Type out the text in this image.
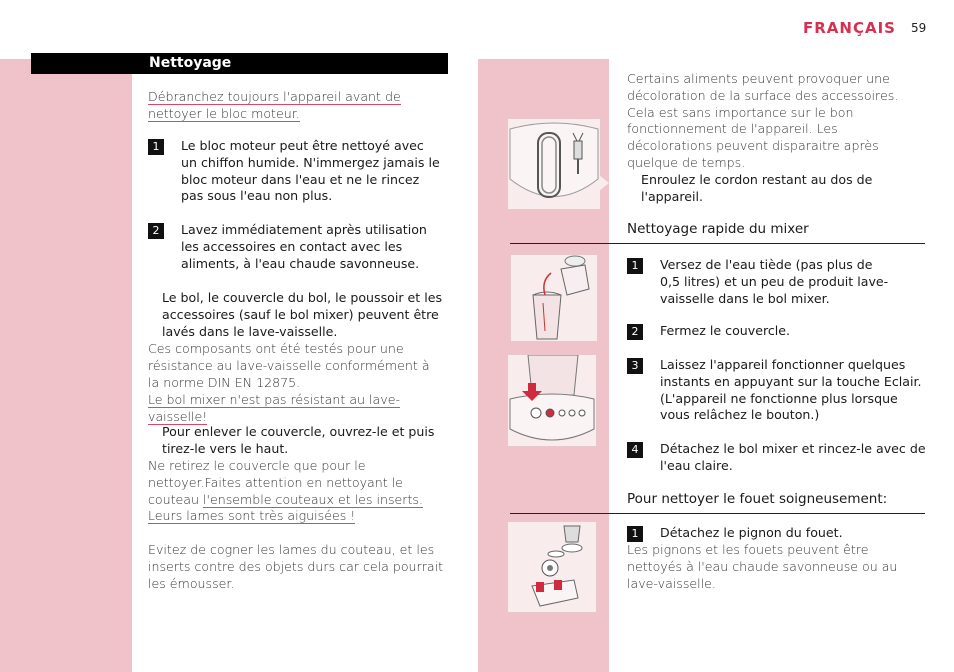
FRANÇAIS 59
Nettoyage
Débranchez toujours l'appareil avant de nettoyer le bloc moteur.
1	Le bloc moteur peut être nettoyé avec un chiffon humide. N'immergez jamais le bloc moteur dans l'eau et ne le rincez pas sous l'eau non plus.
2	Lavez immédiatement après utilisation les accessoires en contact avec les aliments, à l'eau chaude savonneuse.
Le bol, le couvercle du bol, le poussoir et les accessoires (sauf le bol mixer) peuvent être lavés dans le lave-vaisselle.
Ces composants ont été testés pour une résistance au lave-vaisselle conformément à la norme DIN EN 12875.
Le bol mixer n'est pas résistant au lave-vaisselle!
Pour enlever le couvercle, ouvrez-le et puis tirez-le vers le haut.
Ne retirez le couvercle que pour le nettoyer.Faites attention en nettoyant le couteau l'ensemble couteaux et les inserts. Leurs lames sont très aiguisées !
Evitez de cogner les lames du couteau, et les inserts contre des objets durs car cela pourrait les émousser.
Certains aliments peuvent provoquer une décoloration de la surface des accessoires. Cela est sans importance sur le bon fonctionnement de l'appareil. Les décolorations peuvent disparaitre après quelque de temps.
Enroulez le cordon restant au dos de l'appareil.
Nettoyage rapide du mixer
1	Versez de l'eau tiède (pas plus de 0,5 litres) et un peu de produit lave-vaisselle dans le bol mixer.
2	Fermez le couvercle.
3	Laissez l'appareil fonctionner quelques instants en appuyant sur la touche Eclair. (L'appareil ne fonctionne plus lorsque vous relâchez le bouton.)
4	Détachez le bol mixer et rincez-le avec de l'eau claire.
Pour nettoyer le fouet soigneusement:
1	Détachez le pignon du fouet.
Les pignons et les fouets peuvent être nettoyés à l'eau chaude savonneuse ou au lave-vaisselle.
